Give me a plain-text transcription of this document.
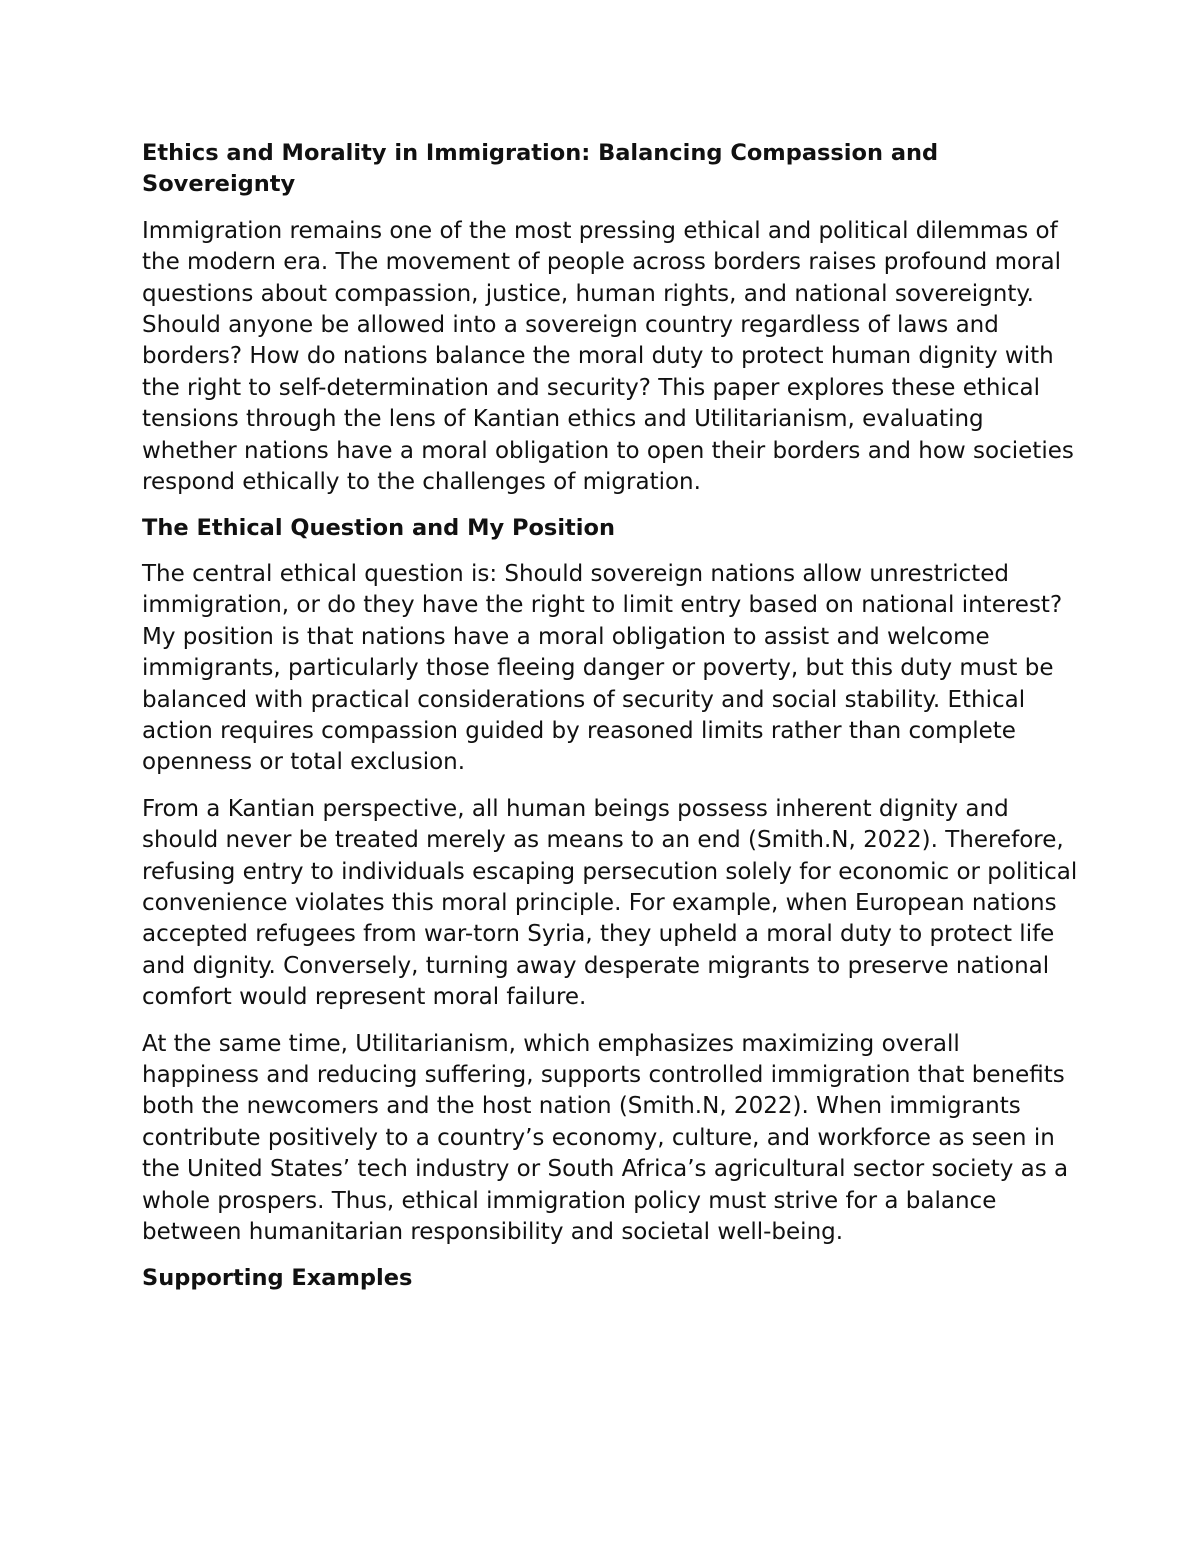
Ethics and Morality in Immigration: Balancing Compassion and Sovereignty

Immigration remains one of the most pressing ethical and political dilemmas of the modern era. The movement of people across borders raises profound moral questions about compassion, justice, human rights, and national sovereignty. Should anyone be allowed into a sovereign country regardless of laws and borders? How do nations balance the moral duty to protect human dignity with the right to self-determination and security? This paper explores these ethical tensions through the lens of Kantian ethics and Utilitarianism, evaluating whether nations have a moral obligation to open their borders and how societies respond ethically to the challenges of migration.

The Ethical Question and My Position

The central ethical question is: Should sovereign nations allow unrestricted immigration, or do they have the right to limit entry based on national interest?

My position is that nations have a moral obligation to assist and welcome immigrants, particularly those fleeing danger or poverty, but this duty must be balanced with practical considerations of security and social stability. Ethical action requires compassion guided by reasoned limits rather than complete openness or total exclusion.

From a Kantian perspective, all human beings possess inherent dignity and should never be treated merely as means to an end (Smith.N, 2022). Therefore, refusing entry to individuals escaping persecution solely for economic or political convenience violates this moral principle. For example, when European nations accepted refugees from war-torn Syria, they upheld a moral duty to protect life and dignity. Conversely, turning away desperate migrants to preserve national comfort would represent moral failure.

At the same time, Utilitarianism, which emphasizes maximizing overall happiness and reducing suffering, supports controlled immigration that benefits both the newcomers and the host nation (Smith.N, 2022). When immigrants contribute positively to a country’s economy, culture, and workforce as seen in the United States’ tech industry or South Africa’s agricultural sector society as a whole prospers. Thus, ethical immigration policy must strive for a balance between humanitarian responsibility and societal well-being.

Supporting Examples
